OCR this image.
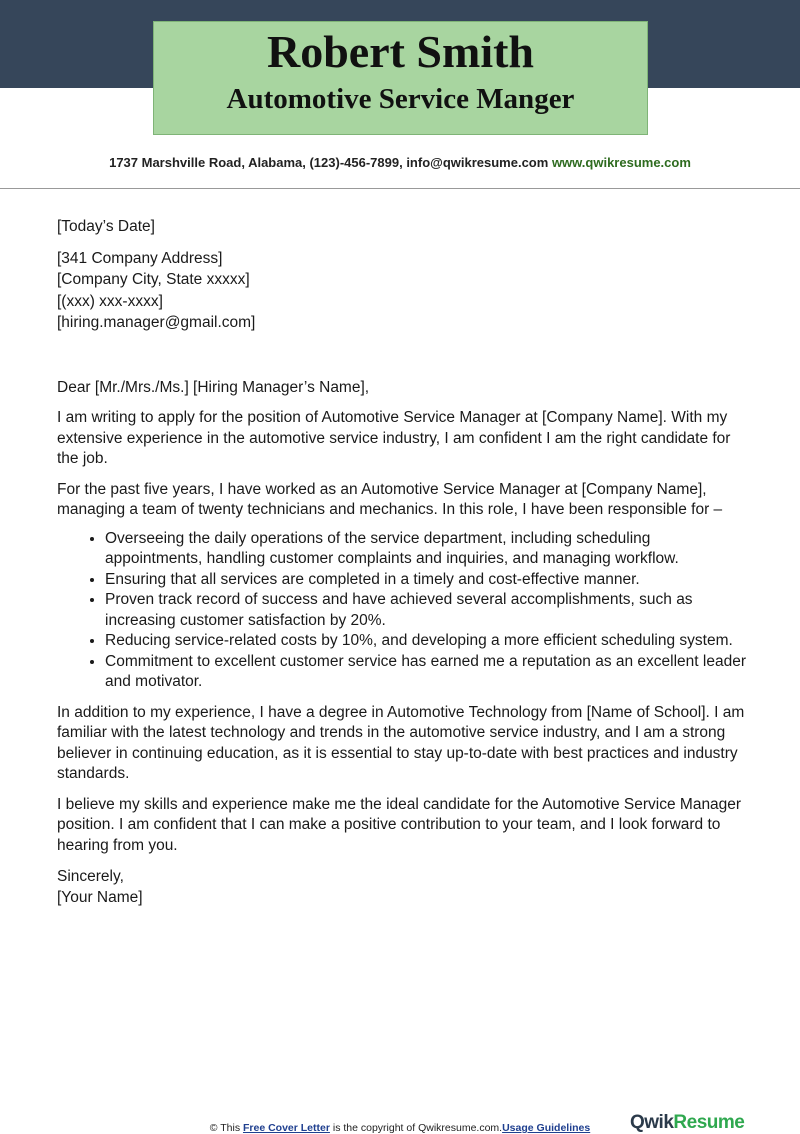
Robert Smith
Automotive Service Manger
1737 Marshville Road, Alabama, (123)-456-7899, info@qwikresume.com www.qwikresume.com

[Today’s Date]

[341 Company Address]
[Company City, State xxxxx]
[(xxx) xxx-xxxx]
[hiring.manager@gmail.com]

Dear [Mr./Mrs./Ms.] [Hiring Manager’s Name],

I am writing to apply for the position of Automotive Service Manager at [Company Name]. With my extensive experience in the automotive service industry, I am confident I am the right candidate for the job.

For the past five years, I have worked as an Automotive Service Manager at [Company Name], managing a team of twenty technicians and mechanics. In this role, I have been responsible for –

• Overseeing the daily operations of the service department, including scheduling appointments, handling customer complaints and inquiries, and managing workflow.
• Ensuring that all services are completed in a timely and cost-effective manner.
• Proven track record of success and have achieved several accomplishments, such as increasing customer satisfaction by 20%.
• Reducing service-related costs by 10%, and developing a more efficient scheduling system.
• Commitment to excellent customer service has earned me a reputation as an excellent leader and motivator.

In addition to my experience, I have a degree in Automotive Technology from [Name of School]. I am familiar with the latest technology and trends in the automotive service industry, and I am a strong believer in continuing education, as it is essential to stay up-to-date with best practices and industry standards.

I believe my skills and experience make me the ideal candidate for the Automotive Service Manager position. I am confident that I can make a positive contribution to your team, and I look forward to hearing from you.

Sincerely,
[Your Name]
© This Free Cover Letter is the copyright of Qwikresume.com.Usage Guidelines	QwikResume
